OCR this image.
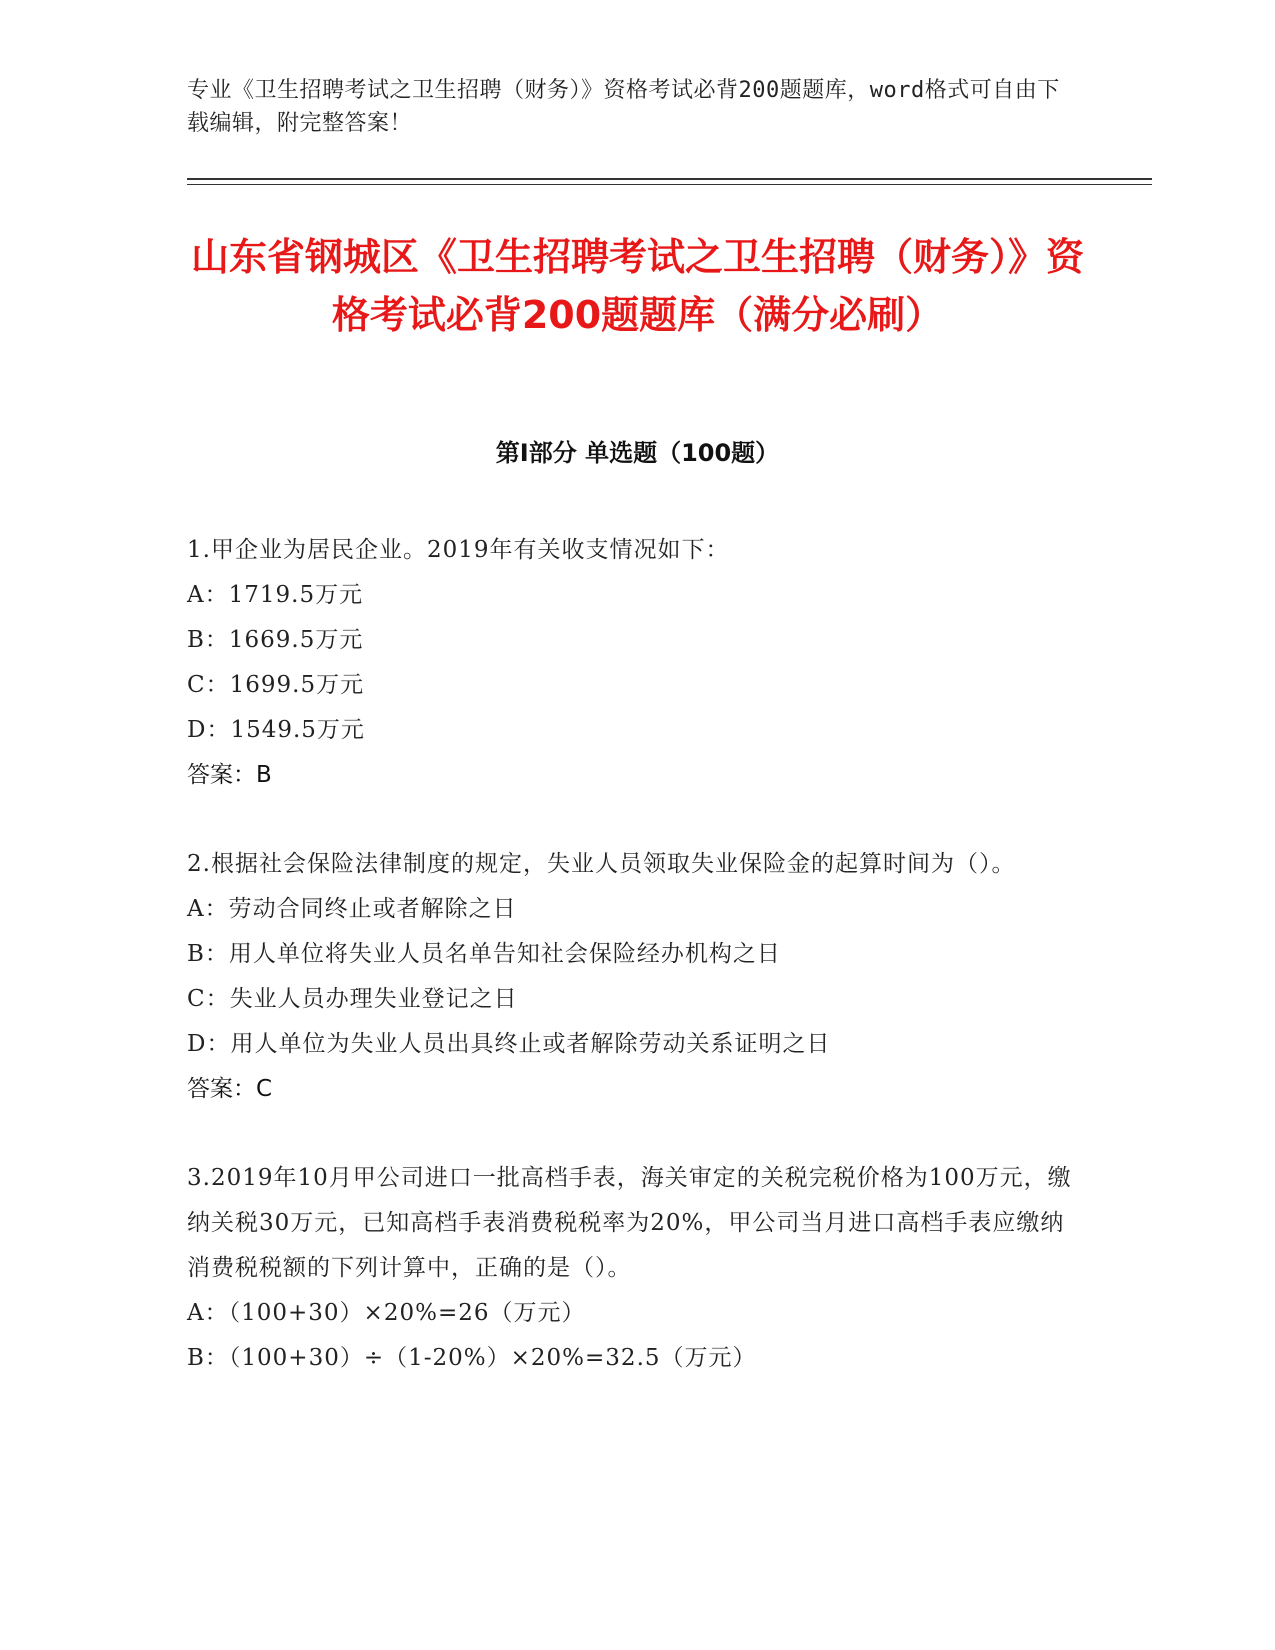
专业《卫生招聘考试之卫生招聘（财务）》资格考试必背200题题库，word格式可自由下载编辑，附完整答案！
山东省钢城区《卫生招聘考试之卫生招聘（财务）》资格考试必背200题题库（满分必刷）
第I部分 单选题（100题）
1.甲企业为居民企业。2019年有关收支情况如下：
A：1719.5万元
B：1669.5万元
C：1699.5万元
D：1549.5万元
答案：B
2.根据社会保险法律制度的规定，失业人员领取失业保险金的起算时间为（）。
A：劳动合同终止或者解除之日
B：用人单位将失业人员名单告知社会保险经办机构之日
C：失业人员办理失业登记之日
D：用人单位为失业人员出具终止或者解除劳动关系证明之日
答案：C
3.2019年10月甲公司进口一批高档手表，海关审定的关税完税价格为100万元，缴纳关税30万元，已知高档手表消费税税率为20%，甲公司当月进口高档手表应缴纳消费税税额的下列计算中，正确的是（）。
A：（100+30）×20%=26（万元）
B：（100+30）÷（1-20%）×20%=32.5（万元）
